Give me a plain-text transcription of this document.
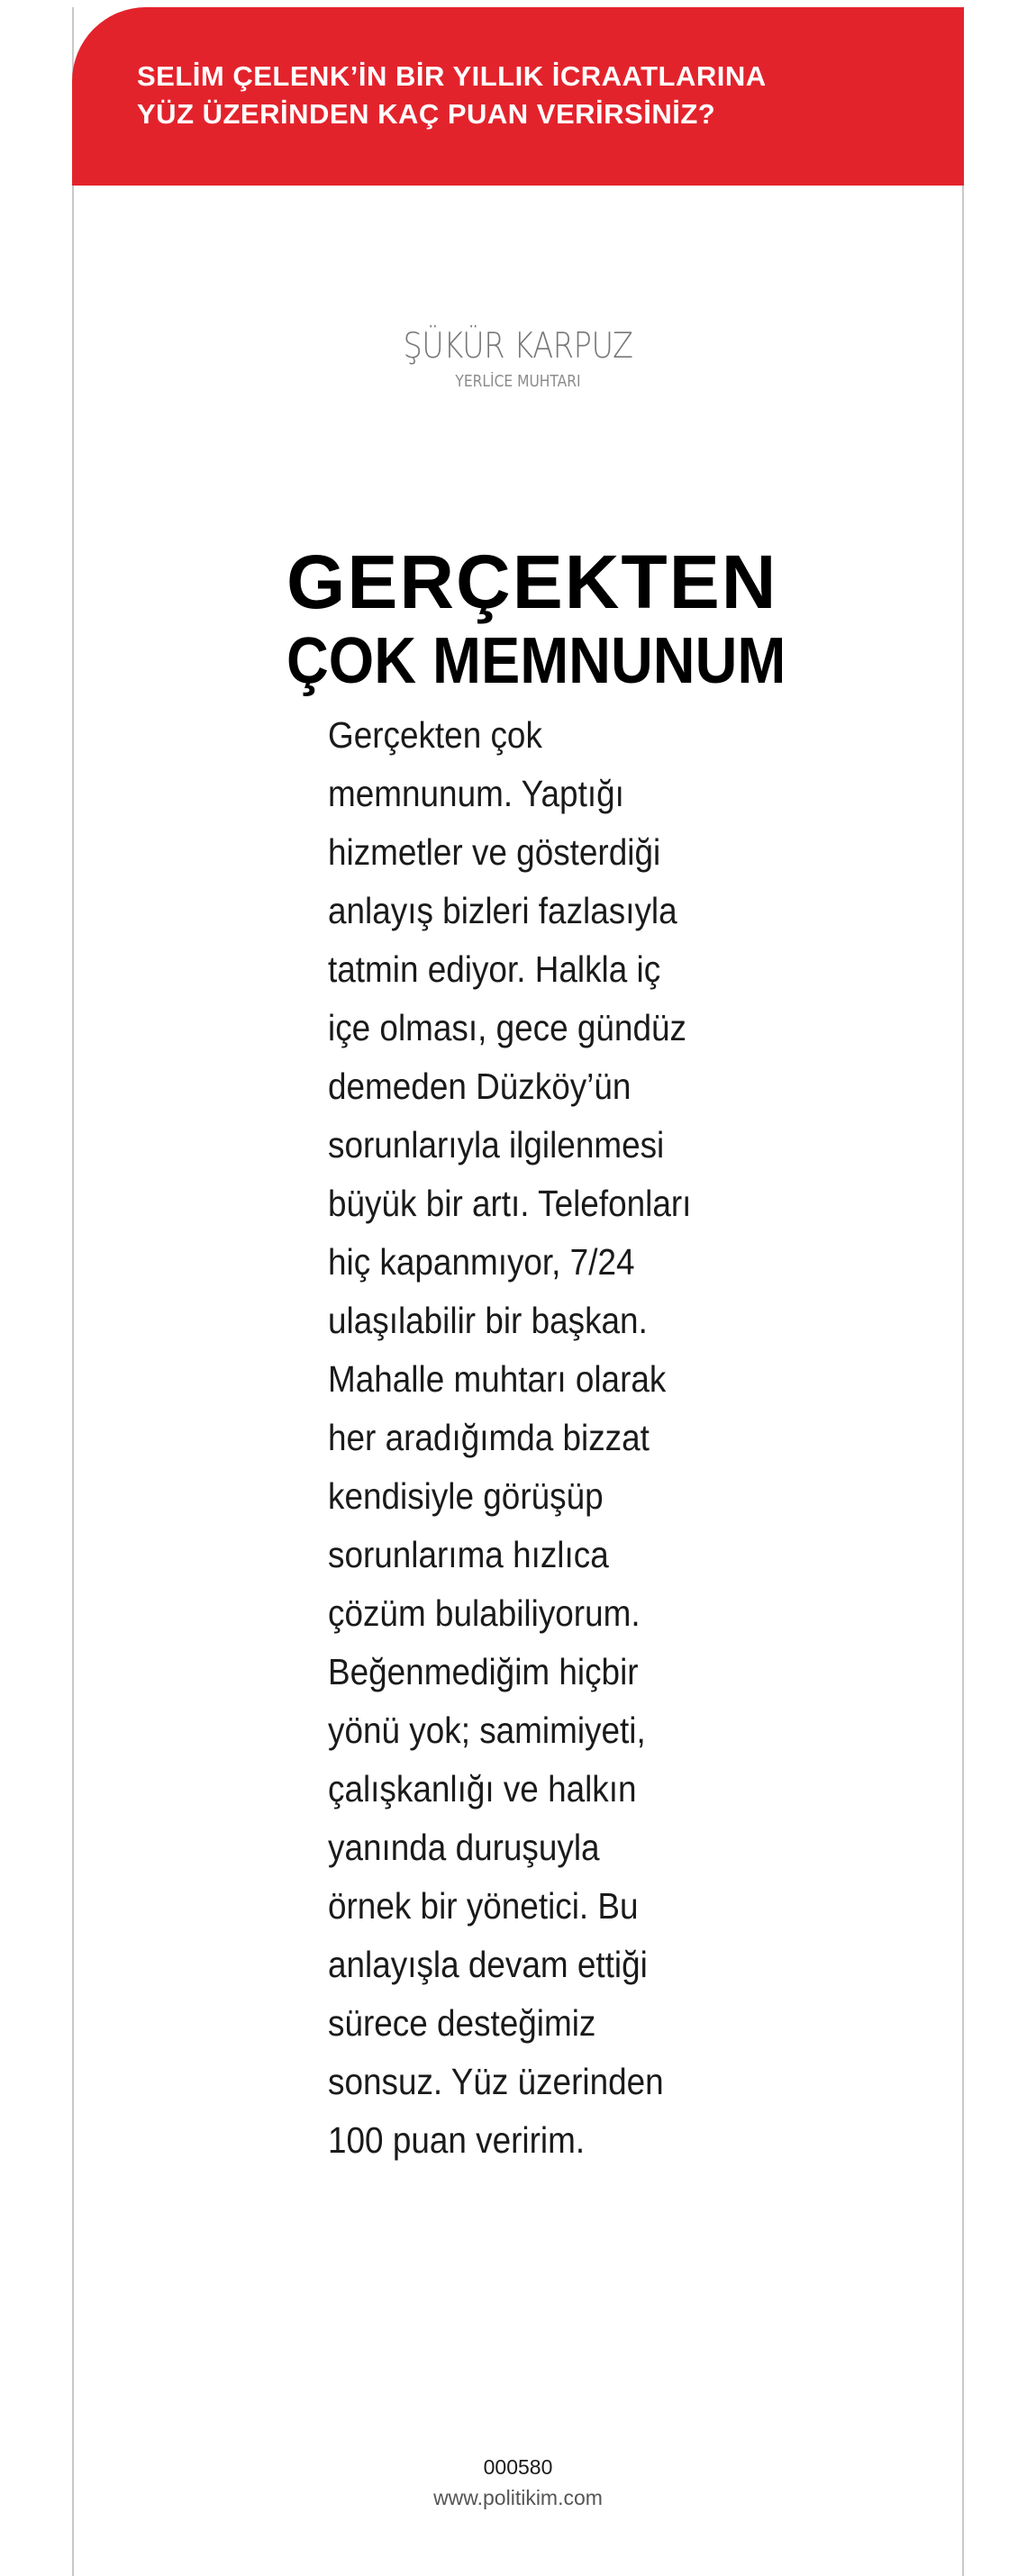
SELİM ÇELENK’İN BİR YILLIK İCRAATLARINA
YÜZ ÜZERİNDEN KAÇ PUAN VERİRSİNİZ?
ŞÜKÜR KARPUZ
YERLİCE MUHTARI
GERÇEKTEN
ÇOK MEMNUNUM

Gerçekten çok
memnunum. Yaptığı
hizmetler ve gösterdiği
anlayış bizleri fazlasıyla
tatmin ediyor. Halkla iç
içe olması, gece gündüz
demeden Düzköy’ün
sorunlarıyla ilgilenmesi
büyük bir artı. Telefonları
hiç kapanmıyor, 7/24
ulaşılabilir bir başkan.
Mahalle muhtarı olarak
her aradığımda bizzat
kendisiyle görüşüp
sorunlarıma hızlıca
çözüm bulabiliyorum.
Beğenmediğim hiçbir
yönü yok; samimiyeti,
çalışkanlığı ve halkın
yanında duruşuyla
örnek bir yönetici. Bu
anlayışla devam ettiği
sürece desteğimiz
sonsuz. Yüz üzerinden
100 puan veririm.

000580
www.politikim.com
